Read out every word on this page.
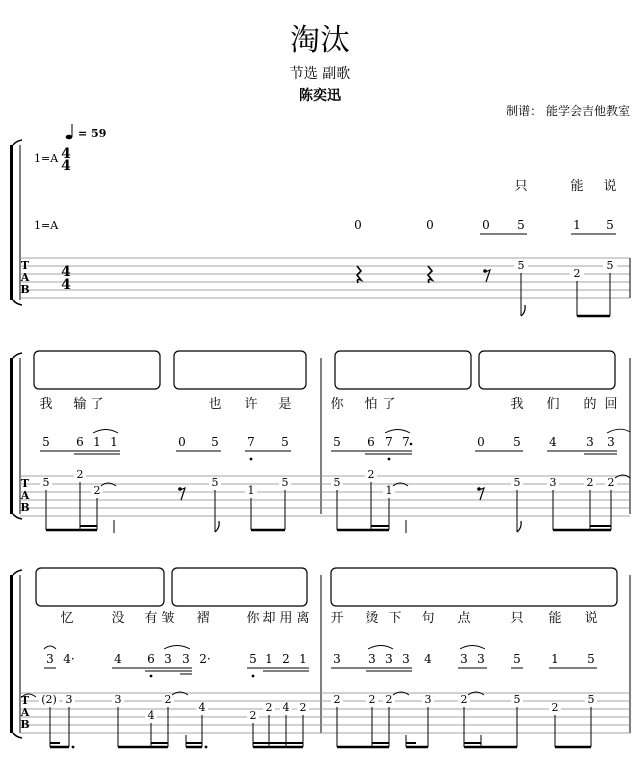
淘汰
节选 副歌
陈奕迅
制谱： 能学会吉他教室
= 59
1=A 4
4
只	能 说
1=A	0	0	0 5	1 5
T
A
B
4
4
5
2
5
我 输 了	也 许 是	你 怕 了	我 们 的 回
5 6 1 1	0 5 7 5	5 6 7 7	0 5 4 3 3
T
A
B
5
2
2
5
1
5	5
2
1
5	3	2 2
忆	没 有 皱 褶	你 却 用 离 开 烫 下 句 点	只 能 说
3 4·	4 6 3 3 2·	5 1 2 1 3 3 3 3 4 3 3 5	1 5
T
A
B
(2) 3	3
4
2
4
2
2 4 2
2	2 2	3	2	5
2
5
